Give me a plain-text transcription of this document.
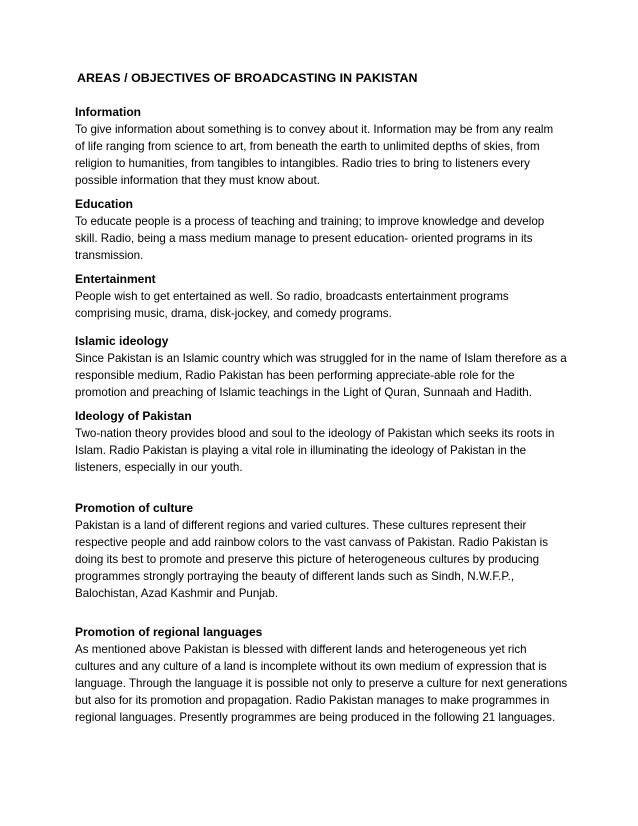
AREAS / OBJECTIVES OF BROADCASTING IN PAKISTAN
Information
To give information about something is to convey about it. Information may be from any realm
of life ranging from science to art, from beneath the earth to unlimited depths of skies, from
religion to humanities, from tangibles to intangibles. Radio tries to bring to listeners every
possible information that they must know about.
Education
To educate people is a process of teaching and training; to improve knowledge and develop
skill. Radio, being a mass medium manage to present education- oriented programs in its
transmission.
Entertainment
People wish to get entertained as well. So radio, broadcasts entertainment programs
comprising music, drama, disk-jockey, and comedy programs.
Islamic ideology
Since Pakistan is an Islamic country which was struggled for in the name of Islam therefore as a
responsible medium, Radio Pakistan has been performing appreciate-able role for the
promotion and preaching of Islamic teachings in the Light of Quran, Sunnaah and Hadith.
Ideology of Pakistan
Two-nation theory provides blood and soul to the ideology of Pakistan which seeks its roots in
Islam. Radio Pakistan is playing a vital role in illuminating the ideology of Pakistan in the
listeners, especially in our youth.
Promotion of culture
Pakistan is a land of different regions and varied cultures. These cultures represent their
respective people and add rainbow colors to the vast canvass of Pakistan. Radio Pakistan is
doing its best to promote and preserve this picture of heterogeneous cultures by producing
programmes strongly portraying the beauty of different lands such as Sindh, N.W.F.P.,
Balochistan, Azad Kashmir and Punjab.
Promotion of regional languages
As mentioned above Pakistan is blessed with different lands and heterogeneous yet rich
cultures and any culture of a land is incomplete without its own medium of expression that is
language. Through the language it is possible not only to preserve a culture for next generations
but also for its promotion and propagation. Radio Pakistan manages to make programmes in
regional languages. Presently programmes are being produced in the following 21 languages.
